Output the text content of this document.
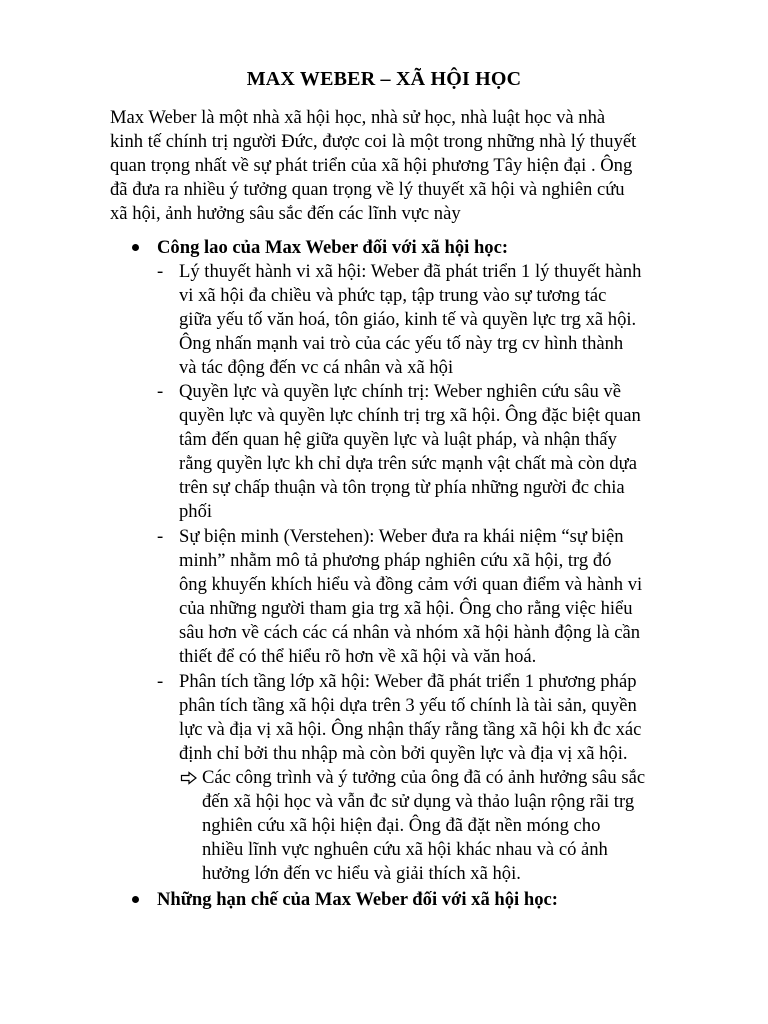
MAX WEBER – XÃ HỘI HỌC
Max Weber là một nhà xã hội học, nhà sử học, nhà luật học và nhà
kinh tế chính trị người Đức, được coi là một trong những nhà lý thuyết
quan trọng nhất về sự phát triển của xã hội phương Tây hiện đại . Ông
đã đưa ra nhiều ý tưởng quan trọng về lý thuyết xã hội và nghiên cứu
xã hội, ảnh hưởng sâu sắc đến các lĩnh vực này
Công lao của Max Weber đối với xã hội học:
- Lý thuyết hành vi xã hội: Weber đã phát triển 1 lý thuyết hành
vi xã hội đa chiều và phức tạp, tập trung vào sự tương tác
giữa yếu tố văn hoá, tôn giáo, kinh tế và quyền lực trg xã hội.
Ông nhấn mạnh vai trò của các yếu tố này trg cv hình thành
và tác động đến vc cá nhân và xã hội
- Quyền lực và quyền lực chính trị: Weber nghiên cứu sâu về
quyền lực và quyền lực chính trị trg xã hội. Ông đặc biệt quan
tâm đến quan hệ giữa quyền lực và luật pháp, và nhận thấy
rằng quyền lực kh chỉ dựa trên sức mạnh vật chất mà còn dựa
trên sự chấp thuận và tôn trọng từ phía những người đc chia
phối
- Sự biện minh (Verstehen): Weber đưa ra khái niệm “sự biện
minh” nhằm mô tả phương pháp nghiên cứu xã hội, trg đó
ông khuyến khích hiểu và đồng cảm với quan điểm và hành vi
của những người tham gia trg xã hội. Ông cho rằng việc hiểu
sâu hơn về cách các cá nhân và nhóm xã hội hành động là cần
thiết để có thể hiểu rõ hơn về xã hội và văn hoá.
- Phân tích tầng lớp xã hội: Weber đã phát triển 1 phương pháp
phân tích tầng xã hội dựa trên 3 yếu tố chính là tài sản, quyền
lực và địa vị xã hội. Ông nhận thấy rằng tầng xã hội kh đc xác
định chỉ bởi thu nhập mà còn bởi quyền lực và địa vị xã hội.
Các công trình và ý tưởng của ông đã có ảnh hưởng sâu sắc
đến xã hội học và vẫn đc sử dụng và thảo luận rộng rãi trg
nghiên cứu xã hội hiện đại. Ông đã đặt nền móng cho
nhiều lĩnh vực nghuên cứu xã hội khác nhau và có ảnh
hưởng lớn đến vc hiểu và giải thích xã hội.
Những hạn chế của Max Weber đối với xã hội học:
